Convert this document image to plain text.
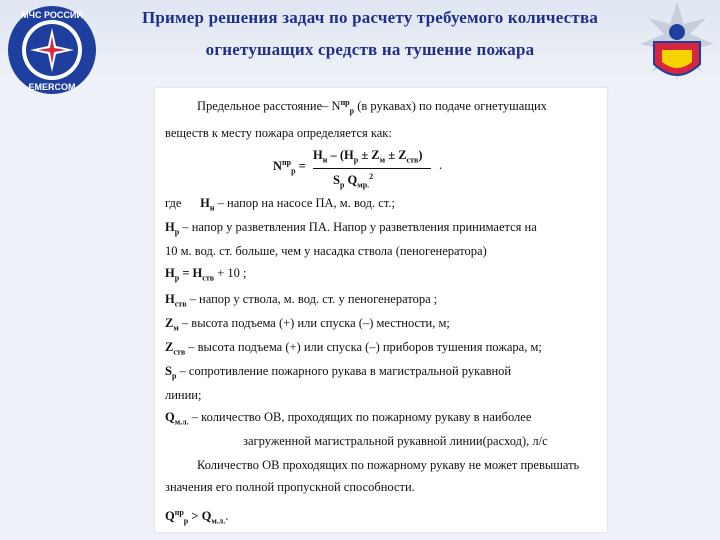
МЧС РОССИИ
EMERCOM
Пример решения задач по расчету требуемого количества
огнетушащих средств на тушение пожара
Предельное расстояние– $N^{пр}_р$ (в рукавах) по подаче огнетушащих
веществ к месту пожара определяется как:
$N^{пр}_р$ =
$Н_н - (Н_р \pm Z_м \pm Z_{ств})$
$S_р$ $Q_{мр.}^2$
.
где $Н_н$ – напор на насосе ПА, м. вод. ст.;
$Н_р$ – напор у разветвления ПА. Напор у разветвления принимается на
10 м. вод. ст. больше, чем у насадка ствола (пеногенератора)
$Н_р = Н_{ств} + 10$ ;
$Н_{ств}$ – напор у ствола, м. вод. ст. у пеногенератора ;
$Z_м$ – высота подъема (+) или спуска (–) местности, м;
$Z_{ств}$ – высота подъема (+) или спуска (–) приборов тушения пожара, м;
$S_р$ – сопротивление пожарного рукава в магистральной рукавной
линии;
$Q_{м.л.}$ – количество ОВ, проходящих по пожарному рукаву в наиболее
загруженной магистральной рукавной линии(расход), л/с
Количество ОВ проходящих по пожарному рукаву не может превышать
значения его полной пропускной способности.
$Q^{пр}_р > Q_{м.л.}$.
